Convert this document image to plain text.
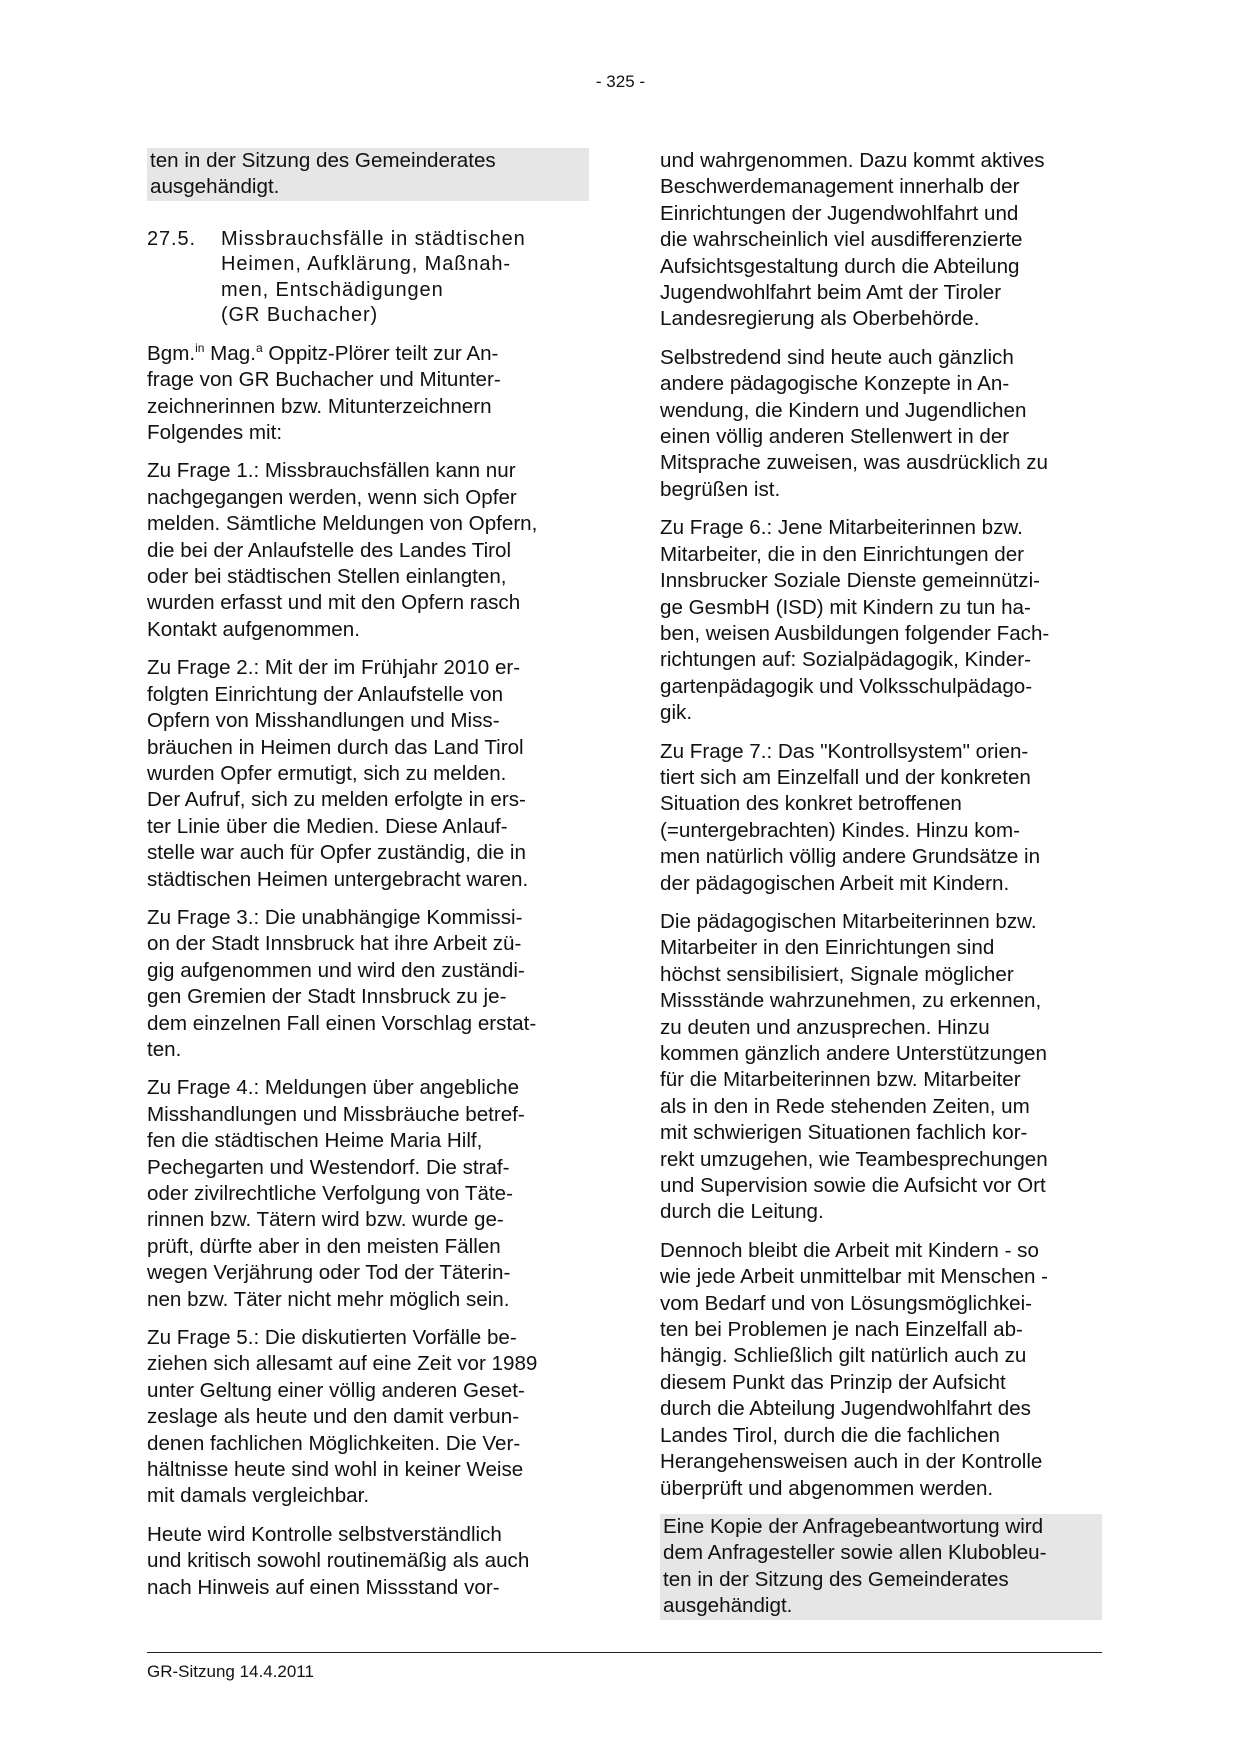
- 325 -

ten in der Sitzung des Gemeinderates
ausgehändigt.

27.5.	Missbrauchsfälle in städtischen
Heimen, Aufklärung, Maßnah-
men, Entschädigungen
(GR Buchacher)

Bgm.$^{in}$ Mag.$^a$ Oppitz-Plörer teilt zur An-
frage von GR Buchacher und Mitunter-
zeichnerinnen bzw. Mitunterzeichnern
Folgendes mit:

Zu Frage 1.: Missbrauchsfällen kann nur
nachgegangen werden, wenn sich Opfer
melden. Sämtliche Meldungen von Opfern,
die bei der Anlaufstelle des Landes Tirol
oder bei städtischen Stellen einlangten,
wurden erfasst und mit den Opfern rasch
Kontakt aufgenommen.

Zu Frage 2.: Mit der im Frühjahr 2010 er-
folgten Einrichtung der Anlaufstelle von
Opfern von Misshandlungen und Miss-
bräuchen in Heimen durch das Land Tirol
wurden Opfer ermutigt, sich zu melden.
Der Aufruf, sich zu melden erfolgte in ers-
ter Linie über die Medien. Diese Anlauf-
stelle war auch für Opfer zuständig, die in
städtischen Heimen untergebracht waren.

Zu Frage 3.: Die unabhängige Kommissi-
on der Stadt Innsbruck hat ihre Arbeit zü-
gig aufgenommen und wird den zuständi-
gen Gremien der Stadt Innsbruck zu je-
dem einzelnen Fall einen Vorschlag erstat-
ten.

Zu Frage 4.: Meldungen über angebliche
Misshandlungen und Missbräuche betref-
fen die städtischen Heime Maria Hilf,
Pechegarten und Westendorf. Die straf-
oder zivilrechtliche Verfolgung von Täte-
rinnen bzw. Tätern wird bzw. wurde ge-
prüft, dürfte aber in den meisten Fällen
wegen Verjährung oder Tod der Täterin-
nen bzw. Täter nicht mehr möglich sein.

Zu Frage 5.: Die diskutierten Vorfälle be-
ziehen sich allesamt auf eine Zeit vor 1989
unter Geltung einer völlig anderen Geset-
zeslage als heute und den damit verbun-
denen fachlichen Möglichkeiten. Die Ver-
hältnisse heute sind wohl in keiner Weise
mit damals vergleichbar.

Heute wird Kontrolle selbstverständlich
und kritisch sowohl routinemäßig als auch
nach Hinweis auf einen Missstand vor-

und wahrgenommen. Dazu kommt aktives
Beschwerdemanagement innerhalb der
Einrichtungen der Jugendwohlfahrt und
die wahrscheinlich viel ausdifferenzierte
Aufsichtsgestaltung durch die Abteilung
Jugendwohlfahrt beim Amt der Tiroler
Landesregierung als Oberbehörde.

Selbstredend sind heute auch gänzlich
andere pädagogische Konzepte in An-
wendung, die Kindern und Jugendlichen
einen völlig anderen Stellenwert in der
Mitsprache zuweisen, was ausdrücklich zu
begrüßen ist.

Zu Frage 6.: Jene Mitarbeiterinnen bzw.
Mitarbeiter, die in den Einrichtungen der
Innsbrucker Soziale Dienste gemeinnützi-
ge GesmbH (ISD) mit Kindern zu tun ha-
ben, weisen Ausbildungen folgender Fach-
richtungen auf: Sozialpädagogik, Kinder-
gartenpädagogik und Volksschulpädago-
gik.

Zu Frage 7.: Das "Kontrollsystem" orien-
tiert sich am Einzelfall und der konkreten
Situation des konkret betroffenen
(=untergebrachten) Kindes. Hinzu kom-
men natürlich völlig andere Grundsätze in
der pädagogischen Arbeit mit Kindern.

Die pädagogischen Mitarbeiterinnen bzw.
Mitarbeiter in den Einrichtungen sind
höchst sensibilisiert, Signale möglicher
Missstände wahrzunehmen, zu erkennen,
zu deuten und anzusprechen. Hinzu
kommen gänzlich andere Unterstützungen
für die Mitarbeiterinnen bzw. Mitarbeiter
als in den in Rede stehenden Zeiten, um
mit schwierigen Situationen fachlich kor-
rekt umzugehen, wie Teambesprechungen
und Supervision sowie die Aufsicht vor Ort
durch die Leitung.

Dennoch bleibt die Arbeit mit Kindern - so
wie jede Arbeit unmittelbar mit Menschen -
vom Bedarf und von Lösungsmöglichkei-
ten bei Problemen je nach Einzelfall ab-
hängig. Schließlich gilt natürlich auch zu
diesem Punkt das Prinzip der Aufsicht
durch die Abteilung Jugendwohlfahrt des
Landes Tirol, durch die die fachlichen
Herangehensweisen auch in der Kontrolle
überprüft und abgenommen werden.

Eine Kopie der Anfragebeantwortung wird
dem Anfragesteller sowie allen Klubobleu-
ten in der Sitzung des Gemeinderates
ausgehändigt.

GR-Sitzung 14.4.2011
